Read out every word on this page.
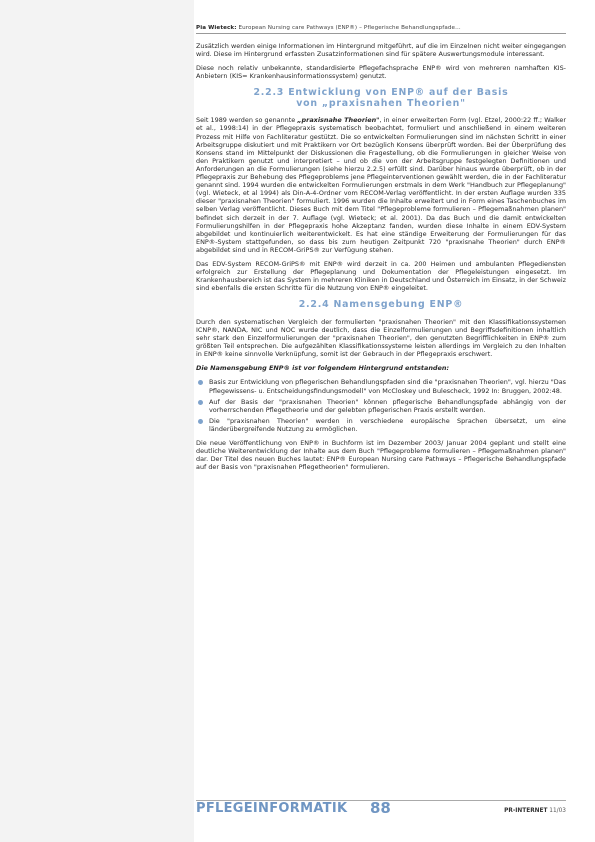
Pia Wieteck: European Nursing care Pathways (ENP®) – Pflegerische Behandlungspfade...

Zusätzlich werden einige Informationen im Hintergrund mitgeführt, auf die im Einzelnen nicht weiter eingegangen wird. Diese im Hintergrund erfassten Zusatzinformationen sind für spätere Auswertungsmodule interessant.

Diese noch relativ unbekannte, standardisierte Pflegefachsprache ENP® wird von mehreren namhaften KIS-Anbietern (KIS= Krankenhausinformationssystem) genutzt.

2.2.3 Entwicklung von ENP® auf der Basis
von „praxisnahen Theorien"

Seit 1989 werden so genannte „praxisnahe Theorien", in einer erweiterten Form (vgl. Etzel, 2000:22 ff.; Walker et al., 1998:14) in der Pflegepraxis systematisch beobachtet, formuliert und anschließend in einem weiteren Prozess mit Hilfe von Fachliteratur gestützt. Die so entwickelten Formulierungen sind im nächsten Schritt in einer Arbeitsgruppe diskutiert und mit Praktikern vor Ort bezüglich Konsens überprüft worden. Bei der Überprüfung des Konsens stand im Mittelpunkt der Diskussionen die Fragestellung, ob die Formulierungen in gleicher Weise von den Praktikern genutzt und interpretiert – und ob die von der Arbeitsgruppe festgelegten Definitionen und Anforderungen an die Formulierungen (siehe hierzu 2.2.5) erfüllt sind. Darüber hinaus wurde überprüft, ob in der Pflegepraxis zur Behebung des Pflegeproblems jene Pflegeinterventionen gewählt werden, die in der Fachliteratur genannt sind. 1994 wurden die entwickelten Formulierungen erstmals in dem Werk "Handbuch zur Pflegeplanung" (vgl. Wieteck, et al 1994) als Din-A-4-Ordner vom RECOM-Verlag veröffentlicht. In der ersten Auflage wurden 335 dieser "praxisnahen Theorien" formuliert. 1996 wurden die Inhalte erweitert und in Form eines Taschenbuches im selben Verlag veröffentlicht. Dieses Buch mit dem Titel "Pflegeprobleme formulieren – Pflegemaßnahmen planen" befindet sich derzeit in der 7. Auflage (vgl. Wieteck; et al. 2001). Da das Buch und die damit entwickelten Formulierungshilfen in der Pflegepraxis hohe Akzeptanz fanden, wurden diese Inhalte in einem EDV-System abgebildet und kontinuierlich weiterentwickelt. Es hat eine ständige Erweiterung der Formulierungen für das ENP®-System stattgefunden, so dass bis zum heutigen Zeitpunkt 720 "praxisnahe Theorien" durch ENP® abgebildet sind und in RECOM-GriPS® zur Verfügung stehen.

Das EDV-System RECOM-GriPS® mit ENP® wird derzeit in ca. 200 Heimen und ambulanten Pflegediensten erfolgreich zur Erstellung der Pflegeplanung und Dokumentation der Pflegeleistungen eingesetzt. Im Krankenhausbereich ist das System in mehreren Kliniken in Deutschland und Österreich im Einsatz, in der Schweiz sind ebenfalls die ersten Schritte für die Nutzung von ENP® eingeleitet.

2.2.4 Namensgebung ENP®

Durch den systematischen Vergleich der formulierten "praxisnahen Theorien" mit den Klassifikationssystemen ICNP®, NANDA, NIC und NOC wurde deutlich, dass die Einzelformulierungen und Begriffsdefinitionen inhaltlich sehr stark den Einzelformulierungen der "praxisnahen Theorien", den genutzten Begrifflichkeiten in ENP® zum größten Teil entsprechen. Die aufgezählten Klassifikationssysteme leisten allerdings im Vergleich zu den Inhalten in ENP® keine sinnvolle Verknüpfung, somit ist der Gebrauch in der Pflegepraxis erschwert.

Die Namensgebung ENP® ist vor folgendem Hintergrund entstanden:

Basis zur Entwicklung von pflegerischen Behandlungspfaden sind die "praxisnahen Theorien", vgl. hierzu "Das Pflegewissens- u. Entscheidungsfindungsmodell" von McCloskey und Bulescheck, 1992 In: Bruggen, 2002:48.
Auf der Basis der "praxisnahen Theorien" können pflegerische Behandlungspfade abhängig von der vorherrschenden Pflegetheorie und der gelebten pflegerischen Praxis erstellt werden.
Die "praxisnahen Theorien" werden in verschiedene europäische Sprachen übersetzt, um eine länderübergreifende Nutzung zu ermöglichen.

Die neue Veröffentlichung von ENP® in Buchform ist im Dezember 2003/ Januar 2004 geplant und stellt eine deutliche Weiterentwicklung der Inhalte aus dem Buch "Pflegeprobleme formulieren – Pflegemaßnahmen planen" dar. Der Titel des neuen Buches lautet: ENP® European Nursing care Pathways – Pflegerische Behandlungspfade auf der Basis von "praxisnahen Pflegetheorien" formulieren.

PFLEGEINFORMATIK 88	PR-INTERNET 11/03
